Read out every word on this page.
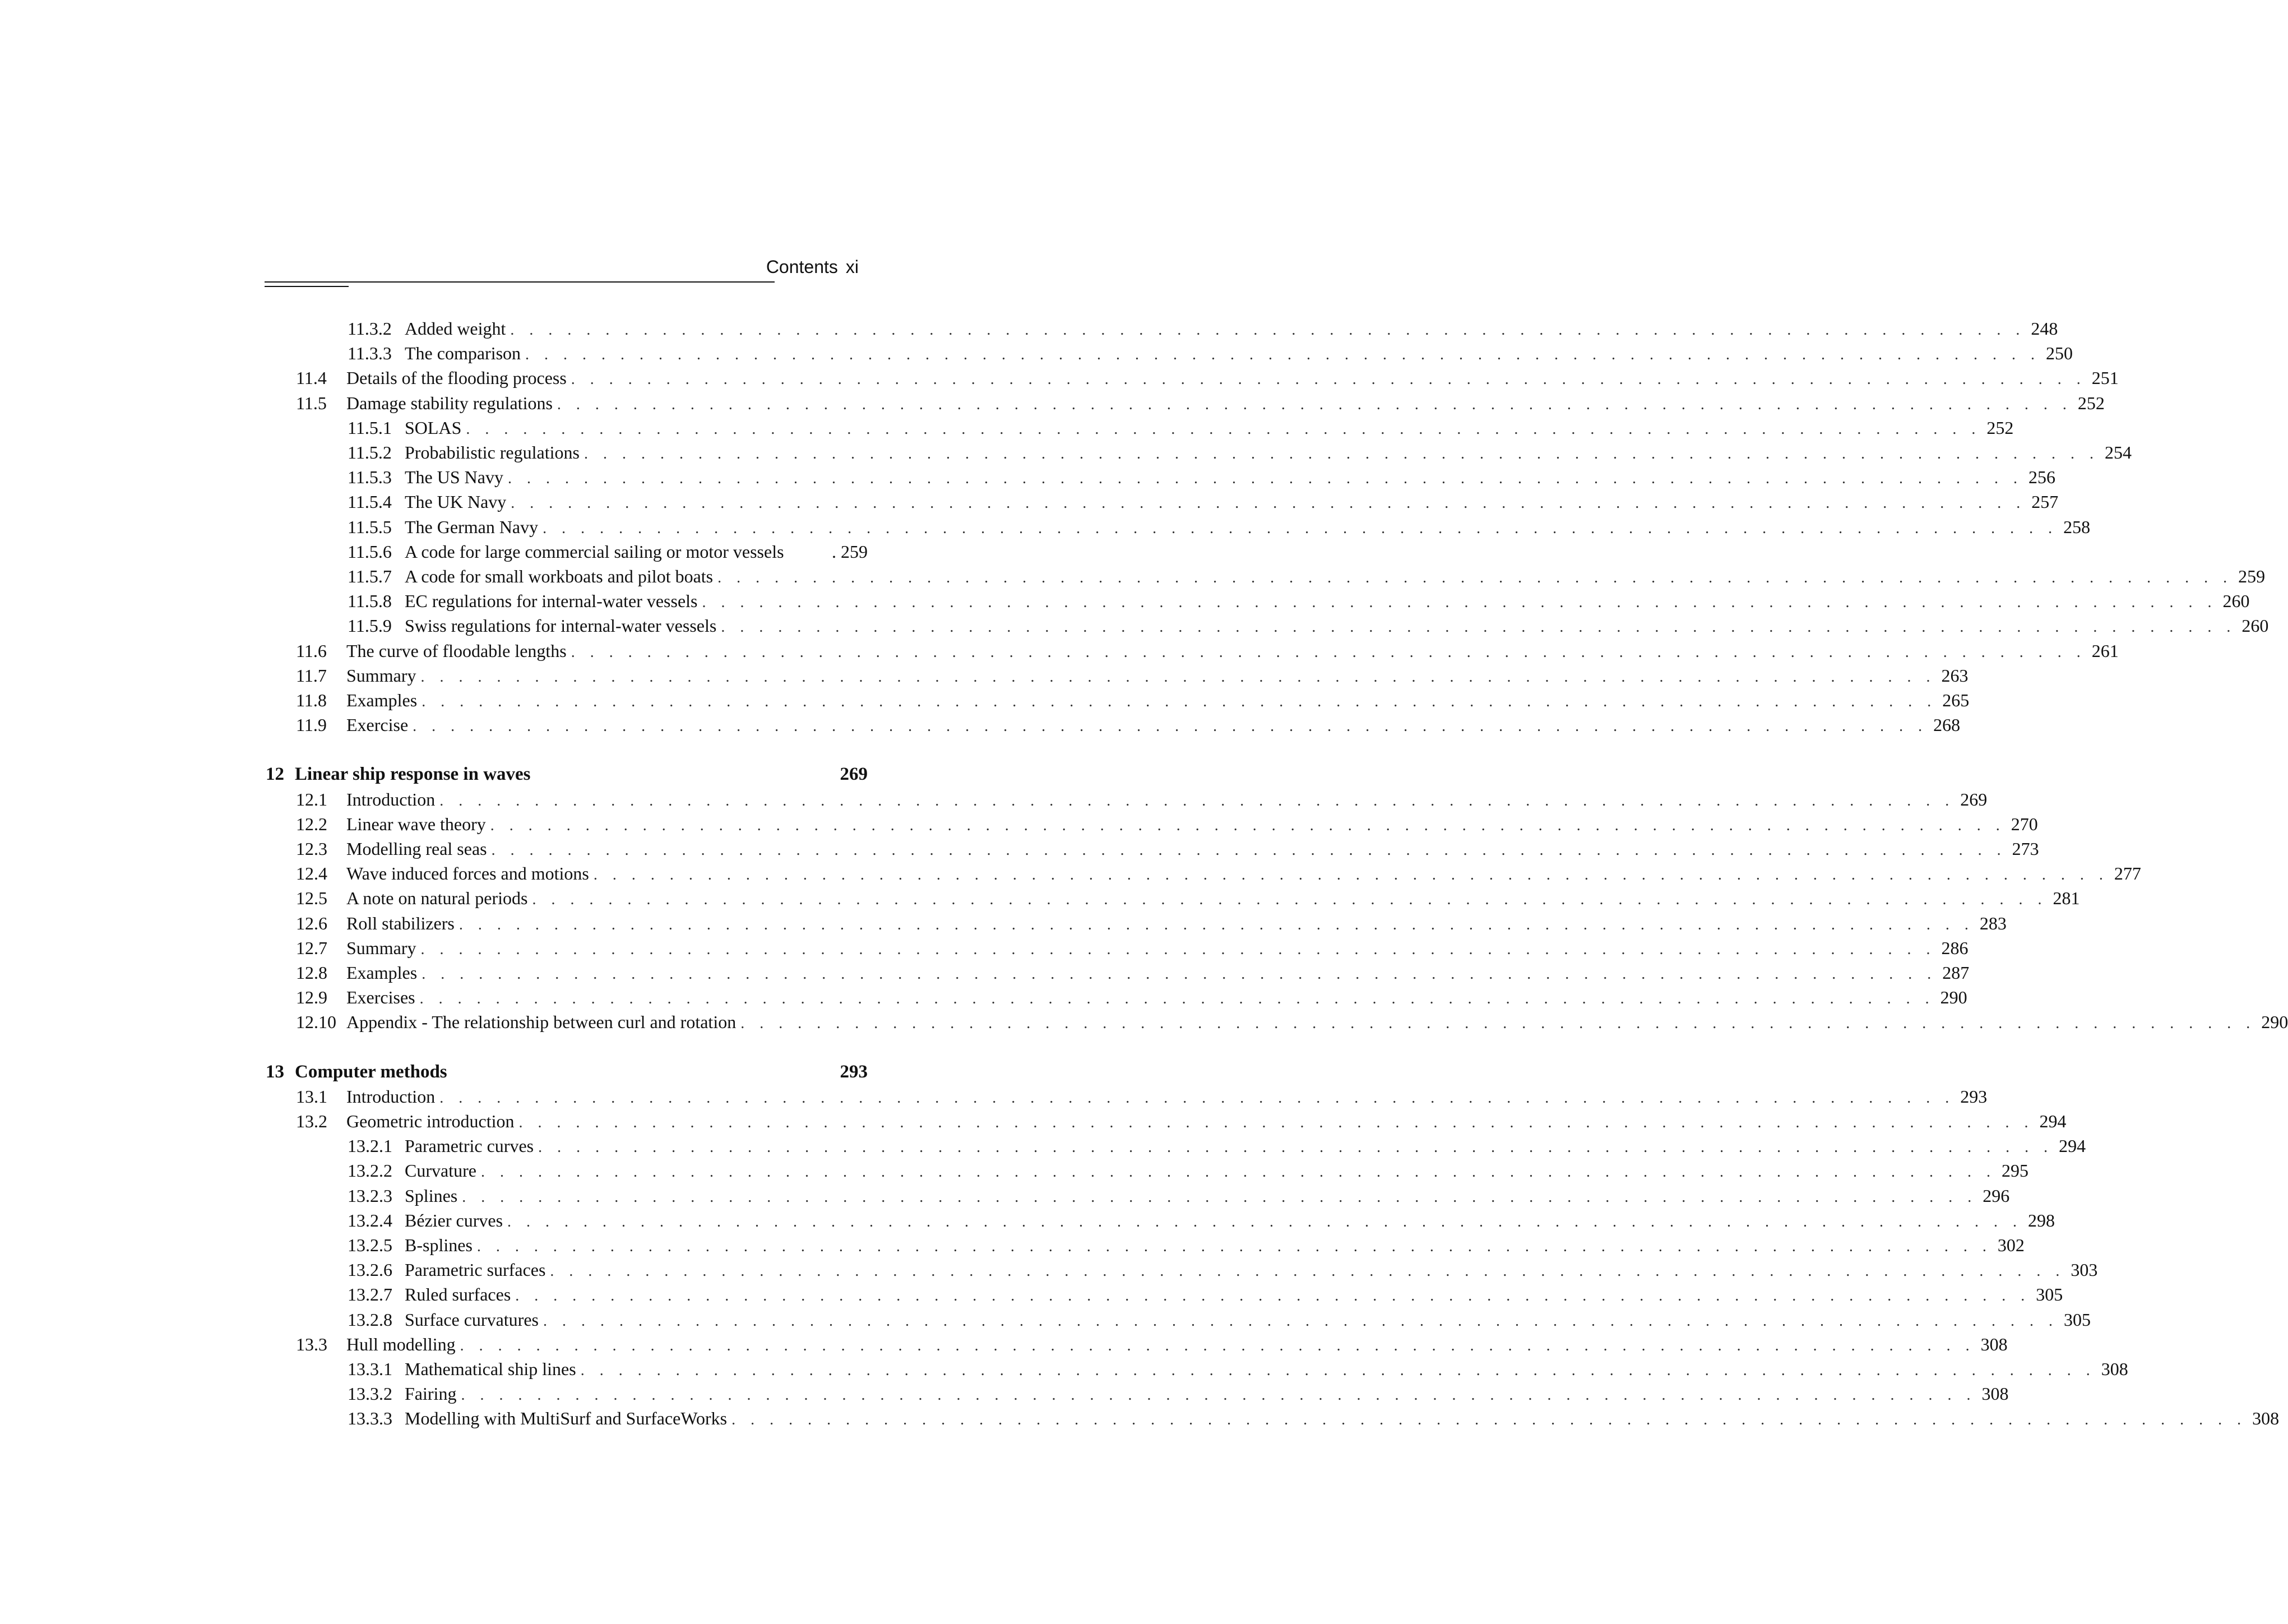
Contents xi
11.3.2 Added weight . . . . . . . . . . . . . . . . . . . . . . . . . . . . . . . . . . . . . . . . . . . . . . . . . . . . . . . . . . . . . . . . . . . . . . . . . . . . . . . . 248
11.3.3 The comparison . . . . . . . . . . . . . . . . . . . . . . . . . . . . . . . . . . . . . . . . . . . . . . . . . . . . . . . . . . . . . . . . . . . . . . . . . . . . . . . . 250
11.4 Details of the flooding process . . . . . . . . . . . . . . . . . . . . . . . . . . . . . . . . . . . . . . . . . . . . . . . . . . . . . . . . . . . . . . . . . . . . . . . . . . . . . . . . 251
11.5 Damage stability regulations . . . . . . . . . . . . . . . . . . . . . . . . . . . . . . . . . . . . . . . . . . . . . . . . . . . . . . . . . . . . . . . . . . . . . . . . . . . . . . . . 252
11.5.1 SOLAS . . . . . . . . . . . . . . . . . . . . . . . . . . . . . . . . . . . . . . . . . . . . . . . . . . . . . . . . . . . . . . . . . . . . . . . . . . . . . . . . 252
11.5.2 Probabilistic regulations . . . . . . . . . . . . . . . . . . . . . . . . . . . . . . . . . . . . . . . . . . . . . . . . . . . . . . . . . . . . . . . . . . . . . . . . . . . . . . . . 254
11.5.3 The US Navy . . . . . . . . . . . . . . . . . . . . . . . . . . . . . . . . . . . . . . . . . . . . . . . . . . . . . . . . . . . . . . . . . . . . . . . . . . . . . . . . 256
11.5.4 The UK Navy . . . . . . . . . . . . . . . . . . . . . . . . . . . . . . . . . . . . . . . . . . . . . . . . . . . . . . . . . . . . . . . . . . . . . . . . . . . . . . . . 257
11.5.5 The German Navy . . . . . . . . . . . . . . . . . . . . . . . . . . . . . . . . . . . . . . . . . . . . . . . . . . . . . . . . . . . . . . . . . . . . . . . . . . . . . . . . 258
11.5.6 A code for large commercial sailing or motor vessels	. 259
11.5.7 A code for small workboats and pilot boats . . . . . . . . . . . . . . . . . . . . . . . . . . . . . . . . . . . . . . . . . . . . . . . . . . . . . . . . . . . . . . . . . . . . . . . . . . . . . . . . 259
11.5.8 EC regulations for internal-water vessels . . . . . . . . . . . . . . . . . . . . . . . . . . . . . . . . . . . . . . . . . . . . . . . . . . . . . . . . . . . . . . . . . . . . . . . . . . . . . . . . 260
11.5.9 Swiss regulations for internal-water vessels . . . . . . . . . . . . . . . . . . . . . . . . . . . . . . . . . . . . . . . . . . . . . . . . . . . . . . . . . . . . . . . . . . . . . . . . . . . . . . . . 260
11.6 The curve of floodable lengths . . . . . . . . . . . . . . . . . . . . . . . . . . . . . . . . . . . . . . . . . . . . . . . . . . . . . . . . . . . . . . . . . . . . . . . . . . . . . . . . 261
11.7 Summary . . . . . . . . . . . . . . . . . . . . . . . . . . . . . . . . . . . . . . . . . . . . . . . . . . . . . . . . . . . . . . . . . . . . . . . . . . . . . . . . 263
11.8 Examples . . . . . . . . . . . . . . . . . . . . . . . . . . . . . . . . . . . . . . . . . . . . . . . . . . . . . . . . . . . . . . . . . . . . . . . . . . . . . . . . 265
11.9 Exercise . . . . . . . . . . . . . . . . . . . . . . . . . . . . . . . . . . . . . . . . . . . . . . . . . . . . . . . . . . . . . . . . . . . . . . . . . . . . . . . . 268
12 Linear ship response in waves	269
12.1 Introduction . . . . . . . . . . . . . . . . . . . . . . . . . . . . . . . . . . . . . . . . . . . . . . . . . . . . . . . . . . . . . . . . . . . . . . . . . . . . . . . . 269
12.2 Linear wave theory . . . . . . . . . . . . . . . . . . . . . . . . . . . . . . . . . . . . . . . . . . . . . . . . . . . . . . . . . . . . . . . . . . . . . . . . . . . . . . . . 270
12.3 Modelling real seas . . . . . . . . . . . . . . . . . . . . . . . . . . . . . . . . . . . . . . . . . . . . . . . . . . . . . . . . . . . . . . . . . . . . . . . . . . . . . . . . 273
12.4 Wave induced forces and motions . . . . . . . . . . . . . . . . . . . . . . . . . . . . . . . . . . . . . . . . . . . . . . . . . . . . . . . . . . . . . . . . . . . . . . . . . . . . . . . . 277
12.5 A note on natural periods . . . . . . . . . . . . . . . . . . . . . . . . . . . . . . . . . . . . . . . . . . . . . . . . . . . . . . . . . . . . . . . . . . . . . . . . . . . . . . . . 281
12.6 Roll stabilizers . . . . . . . . . . . . . . . . . . . . . . . . . . . . . . . . . . . . . . . . . . . . . . . . . . . . . . . . . . . . . . . . . . . . . . . . . . . . . . . . 283
12.7 Summary . . . . . . . . . . . . . . . . . . . . . . . . . . . . . . . . . . . . . . . . . . . . . . . . . . . . . . . . . . . . . . . . . . . . . . . . . . . . . . . . 286
12.8 Examples . . . . . . . . . . . . . . . . . . . . . . . . . . . . . . . . . . . . . . . . . . . . . . . . . . . . . . . . . . . . . . . . . . . . . . . . . . . . . . . . 287
12.9 Exercises . . . . . . . . . . . . . . . . . . . . . . . . . . . . . . . . . . . . . . . . . . . . . . . . . . . . . . . . . . . . . . . . . . . . . . . . . . . . . . . . 290
12.10 Appendix - The relationship between curl and rotation . . . . . . . . . . . . . . . . . . . . . . . . . . . . . . . . . . . . . . . . . . . . . . . . . . . . . . . . . . . . . . . . . . . . . . . . . . . . . . . . 290
13 Computer methods	293
13.1 Introduction . . . . . . . . . . . . . . . . . . . . . . . . . . . . . . . . . . . . . . . . . . . . . . . . . . . . . . . . . . . . . . . . . . . . . . . . . . . . . . . . 293
13.2 Geometric introduction . . . . . . . . . . . . . . . . . . . . . . . . . . . . . . . . . . . . . . . . . . . . . . . . . . . . . . . . . . . . . . . . . . . . . . . . . . . . . . . . 294
13.2.1 Parametric curves . . . . . . . . . . . . . . . . . . . . . . . . . . . . . . . . . . . . . . . . . . . . . . . . . . . . . . . . . . . . . . . . . . . . . . . . . . . . . . . . 294
13.2.2 Curvature . . . . . . . . . . . . . . . . . . . . . . . . . . . . . . . . . . . . . . . . . . . . . . . . . . . . . . . . . . . . . . . . . . . . . . . . . . . . . . . . 295
13.2.3 Splines . . . . . . . . . . . . . . . . . . . . . . . . . . . . . . . . . . . . . . . . . . . . . . . . . . . . . . . . . . . . . . . . . . . . . . . . . . . . . . . . 296
13.2.4 Bézier curves . . . . . . . . . . . . . . . . . . . . . . . . . . . . . . . . . . . . . . . . . . . . . . . . . . . . . . . . . . . . . . . . . . . . . . . . . . . . . . . . 298
13.2.5 B-splines . . . . . . . . . . . . . . . . . . . . . . . . . . . . . . . . . . . . . . . . . . . . . . . . . . . . . . . . . . . . . . . . . . . . . . . . . . . . . . . . 302
13.2.6 Parametric surfaces . . . . . . . . . . . . . . . . . . . . . . . . . . . . . . . . . . . . . . . . . . . . . . . . . . . . . . . . . . . . . . . . . . . . . . . . . . . . . . . . 303
13.2.7 Ruled surfaces . . . . . . . . . . . . . . . . . . . . . . . . . . . . . . . . . . . . . . . . . . . . . . . . . . . . . . . . . . . . . . . . . . . . . . . . . . . . . . . . 305
13.2.8 Surface curvatures . . . . . . . . . . . . . . . . . . . . . . . . . . . . . . . . . . . . . . . . . . . . . . . . . . . . . . . . . . . . . . . . . . . . . . . . . . . . . . . . 305
13.3 Hull modelling . . . . . . . . . . . . . . . . . . . . . . . . . . . . . . . . . . . . . . . . . . . . . . . . . . . . . . . . . . . . . . . . . . . . . . . . . . . . . . . . 308
13.3.1 Mathematical ship lines . . . . . . . . . . . . . . . . . . . . . . . . . . . . . . . . . . . . . . . . . . . . . . . . . . . . . . . . . . . . . . . . . . . . . . . . . . . . . . . . 308
13.3.2 Fairing . . . . . . . . . . . . . . . . . . . . . . . . . . . . . . . . . . . . . . . . . . . . . . . . . . . . . . . . . . . . . . . . . . . . . . . . . . . . . . . . 308
13.3.3 Modelling with MultiSurf and SurfaceWorks . . . . . . . . . . . . . . . . . . . . . . . . . . . . . . . . . . . . . . . . . . . . . . . . . . . . . . . . . . . . . . . . . . . . . . . . . . . . . . . . 308
